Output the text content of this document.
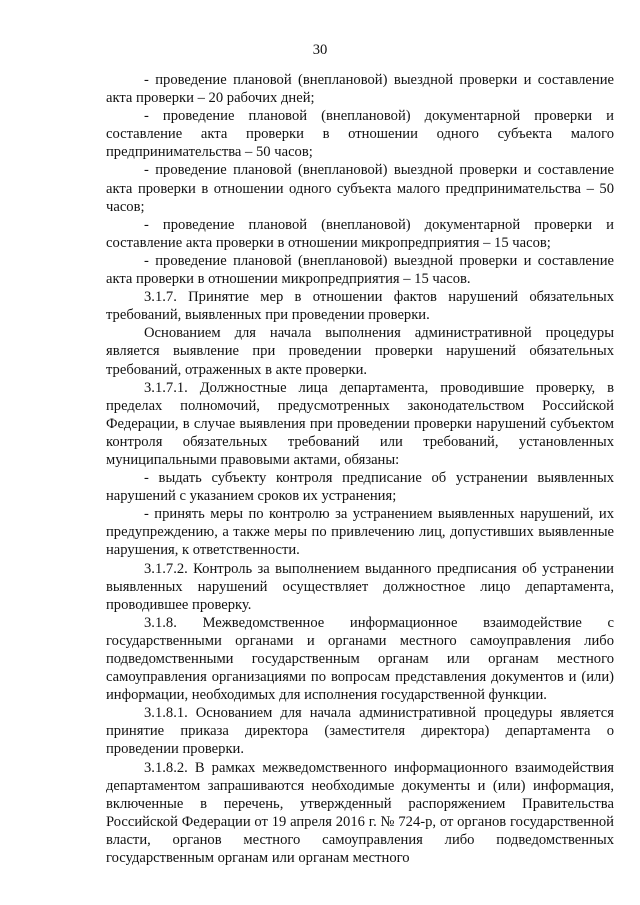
30

- проведение плановой (внеплановой) выездной проверки и составление акта проверки – 20 рабочих дней;

- проведение плановой (внеплановой) документарной проверки и составление акта проверки в отношении одного субъекта малого предпринимательства – 50 часов;

- проведение плановой (внеплановой) выездной проверки и составление акта проверки в отношении одного субъекта малого предпринимательства – 50 часов;

- проведение плановой (внеплановой) документарной проверки и составление акта проверки в отношении микропредприятия – 15 часов;

- проведение плановой (внеплановой) выездной проверки и составление акта проверки в отношении микропредприятия – 15 часов.

3.1.7. Принятие мер в отношении фактов нарушений обязательных требований, выявленных при проведении проверки.

Основанием для начала выполнения административной процедуры является выявление при проведении проверки нарушений обязательных требований, отраженных в акте проверки.

3.1.7.1. Должностные лица департамента, проводившие проверку, в пределах полномочий, предусмотренных законодательством Российской Федерации, в случае выявления при проведении проверки нарушений субъектом контроля обязательных требований или требований, установленных муниципальными правовыми актами, обязаны:

- выдать субъекту контроля предписание об устранении выявленных нарушений с указанием сроков их устранения;

- принять меры по контролю за устранением выявленных нарушений, их предупреждению, а также меры по привлечению лиц, допустивших выявленные нарушения, к ответственности.

3.1.7.2. Контроль за выполнением выданного предписания об устранении выявленных нарушений осуществляет должностное лицо департамента, проводившее проверку.

3.1.8. Межведомственное информационное взаимодействие с государственными органами и органами местного самоуправления либо подведомственными государственным органам или органам местного самоуправления организациями по вопросам представления документов и (или) информации, необходимых для исполнения государственной функции.

3.1.8.1. Основанием для начала административной процедуры является принятие приказа директора (заместителя директора) департамента о проведении проверки.

3.1.8.2. В рамках межведомственного информационного взаимодействия департаментом запрашиваются необходимые документы и (или) информация, включенные в перечень, утвержденный распоряжением Правительства Российской Федерации от 19 апреля 2016 г. № 724-р, от органов государственной власти, органов местного самоуправления либо подведомственных государственным органам или органам местного
